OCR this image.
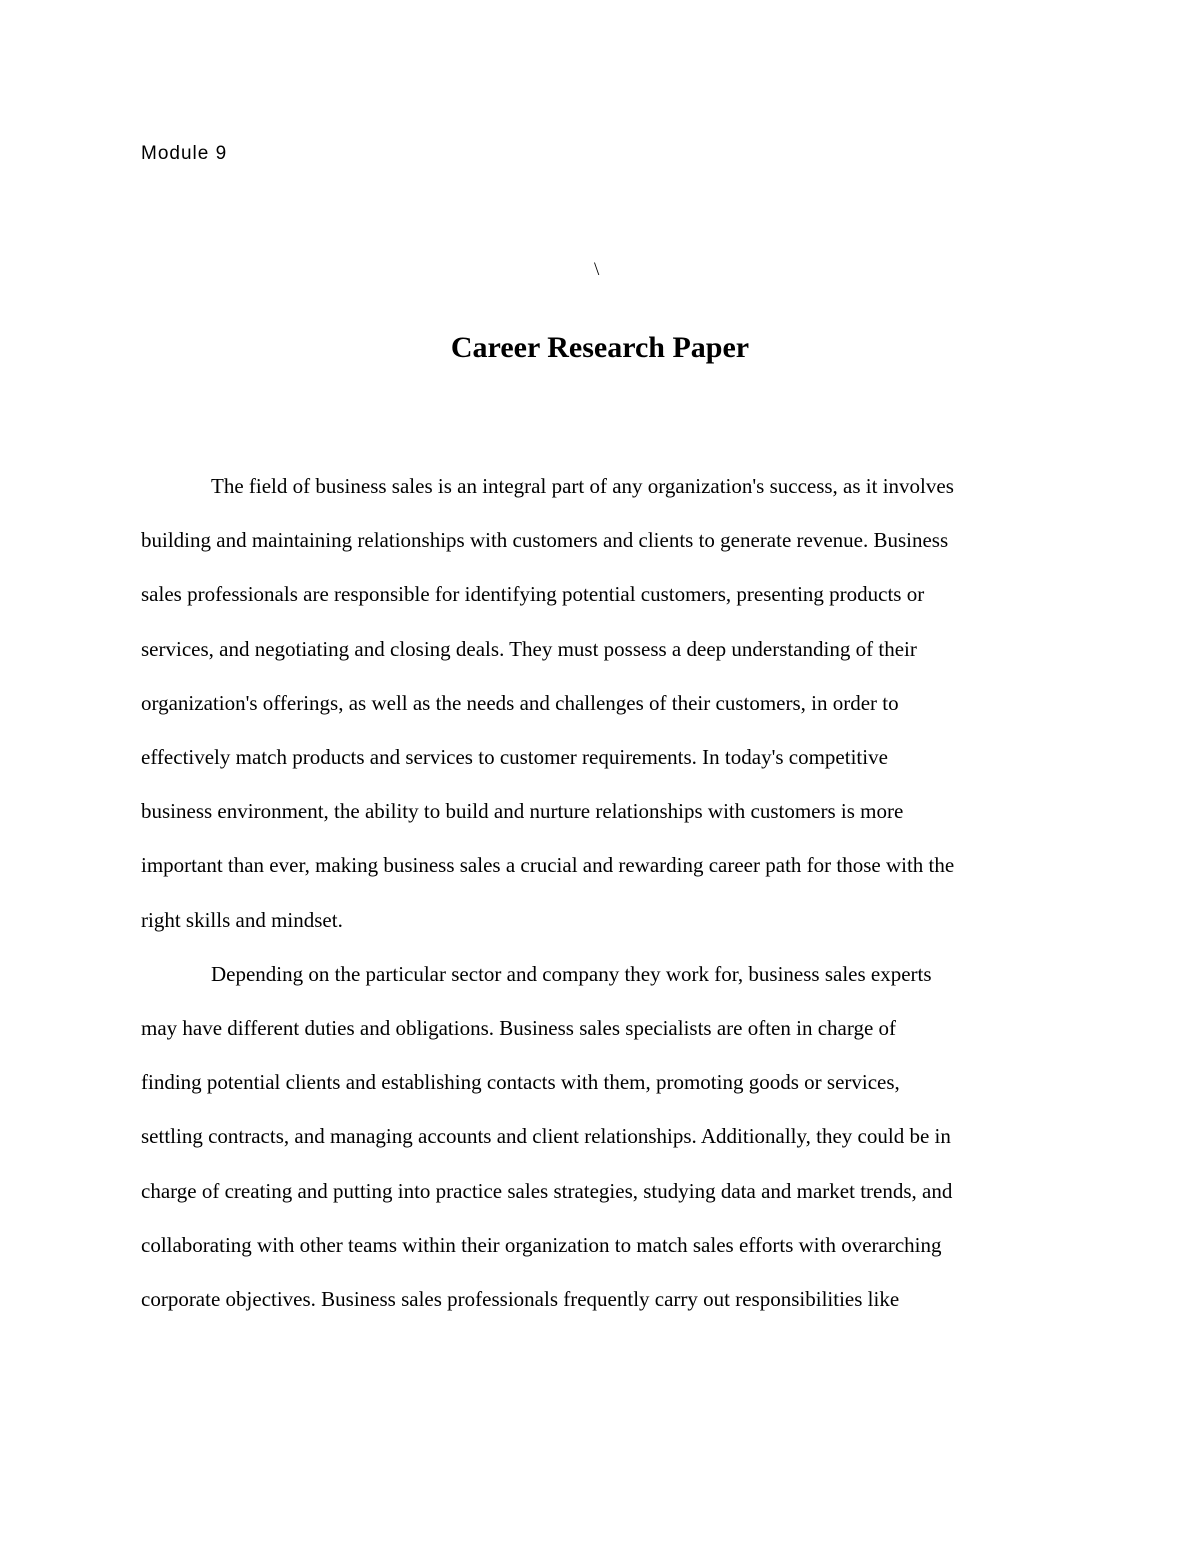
Module 9
\
Career Research Paper

The field of business sales is an integral part of any organization's success, as it involves
building and maintaining relationships with customers and clients to generate revenue. Business
sales professionals are responsible for identifying potential customers, presenting products or
services, and negotiating and closing deals. They must possess a deep understanding of their
organization's offerings, as well as the needs and challenges of their customers, in order to
effectively match products and services to customer requirements. In today's competitive
business environment, the ability to build and nurture relationships with customers is more
important than ever, making business sales a crucial and rewarding career path for those with the
right skills and mindset.

Depending on the particular sector and company they work for, business sales experts
may have different duties and obligations. Business sales specialists are often in charge of
finding potential clients and establishing contacts with them, promoting goods or services,
settling contracts, and managing accounts and client relationships. Additionally, they could be in
charge of creating and putting into practice sales strategies, studying data and market trends, and
collaborating with other teams within their organization to match sales efforts with overarching
corporate objectives. Business sales professionals frequently carry out responsibilities like
